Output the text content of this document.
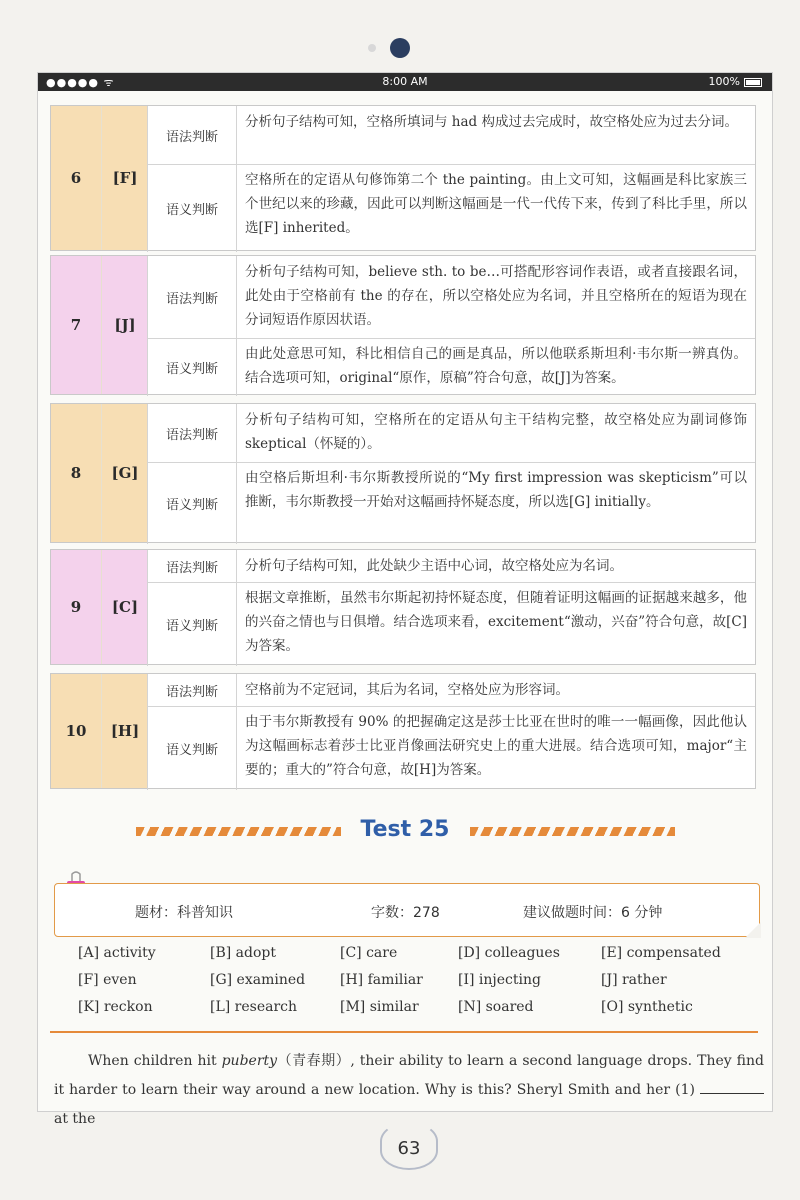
●●●●● ᯤ	8:00 AM	100%
6	[F]
语法判断
分析句子结构可知，空格所填词与 had 构成过去完成时，故空格处应为过去分词。
语义判断
空格所在的定语从句修饰第二个 the painting。由上文可知，这幅画是科比家族三个世纪以来的珍藏，因此可以判断这幅画是一代一代传下来，传到了科比手里，所以选[F] inherited。
7	[J]
语法判断
分析句子结构可知，believe sth. to be…可搭配形容词作表语，或者直接跟名词，此处由于空格前有 the 的存在，所以空格处应为名词，并且空格所在的短语为现在分词短语作原因状语。
语义判断
由此处意思可知，科比相信自己的画是真品，所以他联系斯坦利·韦尔斯一辨真伪。结合选项可知，original“原作，原稿”符合句意，故[J]为答案。
8	[G]
语法判断
分析句子结构可知，空格所在的定语从句主干结构完整，故空格处应为副词修饰 skeptical（怀疑的）。
语义判断
由空格后斯坦利·韦尔斯教授所说的“My first impression was skepticism”可以推断，韦尔斯教授一开始对这幅画持怀疑态度，所以选[G] initially。
9	[C]
语法判断	分析句子结构可知，此处缺少主语中心词，故空格处应为名词。
语义判断
根据文章推断，虽然韦尔斯起初持怀疑态度，但随着证明这幅画的证据越来越多，他的兴奋之情也与日俱增。结合选项来看，excitement“激动，兴奋”符合句意，故[C]为答案。
10	[H]
语法判断	空格前为不定冠词，其后为名词，空格处应为形容词。
语义判断
由于韦尔斯教授有 90% 的把握确定这是莎士比亚在世时的唯一一幅画像，因此他认为这幅画标志着莎士比亚肖像画法研究史上的重大进展。结合选项可知，major“主要的；重大的”符合句意，故[H]为答案。
Test 25
题材：科普知识	字数：278	建议做题时间：6 分钟
[A] activity	[B] adopt	[C] care	[D] colleagues	[E] compensated
[F] even	[G] examined [H] familiar	[I] injecting	[J] rather
[K] reckon	[L] research	[M] similar	[N] soared	[O] synthetic
When children hit puberty（青春期）, their ability to learn a second language drops. They find it harder to learn their way around a new location. Why is this? Sheryl Smith and her (1)  at the
63
